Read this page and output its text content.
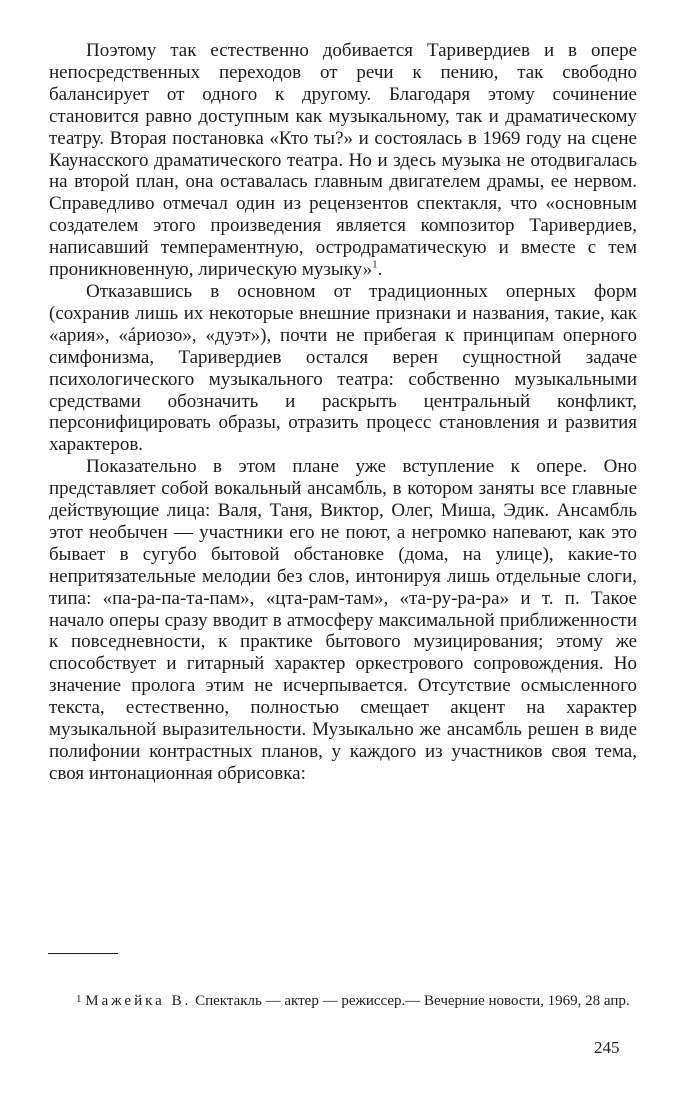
Поэтому так естественно добивается Таривердиев и в опере непосредственных переходов от речи к пению, так свободно балансирует от одного к другому. Благодаря этому сочинение становится равно доступным как музыкальному, так и драматическому театру. Вторая постановка «Кто ты?» и состоялась в 1969 году на сцене Каунасского драматического театра. Но и здесь музыка не отодвигалась на второй план, она оставалась главным двигателем драмы, ее нервом. Справедливо отмечал один из рецензентов спектакля, что «основным создателем этого произведения является композитор Таривердиев, написавший темпераментную, остродраматическую и вместе с тем проникновенную, лирическую музыку»$^1$.

Отказавшись в основном от традиционных оперных форм (сохранив лишь их некоторые внешние признаки и названия, такие, как «ария», «áриозо», «дуэт»), почти не прибегая к принципам оперного симфонизма, Таривердиев остался верен сущностной задаче психологического музыкального театра: собственно музыкальными средствами обозначить и раскрыть центральный конфликт, персонифицировать образы, отразить процесс становления и развития характеров.

Показательно в этом плане уже вступление к опере. Оно представляет собой вокальный ансамбль, в котором заняты все главные действующие лица: Валя, Таня, Виктор, Олег, Миша, Эдик. Ансамбль этот необычен — участники его не поют, а негромко напевают, как это бывает в сугубо бытовой обстановке (дома, на улице), какие-то непритязательные мелодии без слов, интонируя лишь отдельные слоги, типа: «па-ра-па-та-пам», «цта-рам-там», «та-ру-ра-ра» и т. п. Такое начало оперы сразу вводит в атмосферу максимальной приближенности к повседневности, к практике бытового музицирования; этому же способствует и гитарный характер оркестрового сопровождения. Но значение пролога этим не исчерпывается. Отсутствие осмысленного текста, естественно, полностью смещает акцент на характер музыкальной выразительности. Музыкально же ансамбль решен в виде полифонии контрастных планов, у каждого из участников своя тема, своя интонационная обрисовка:

$^1$ Мажейка В. Спектакль — актер — режиссер.— Вечерние новости, 1969, 28 апр.

245
